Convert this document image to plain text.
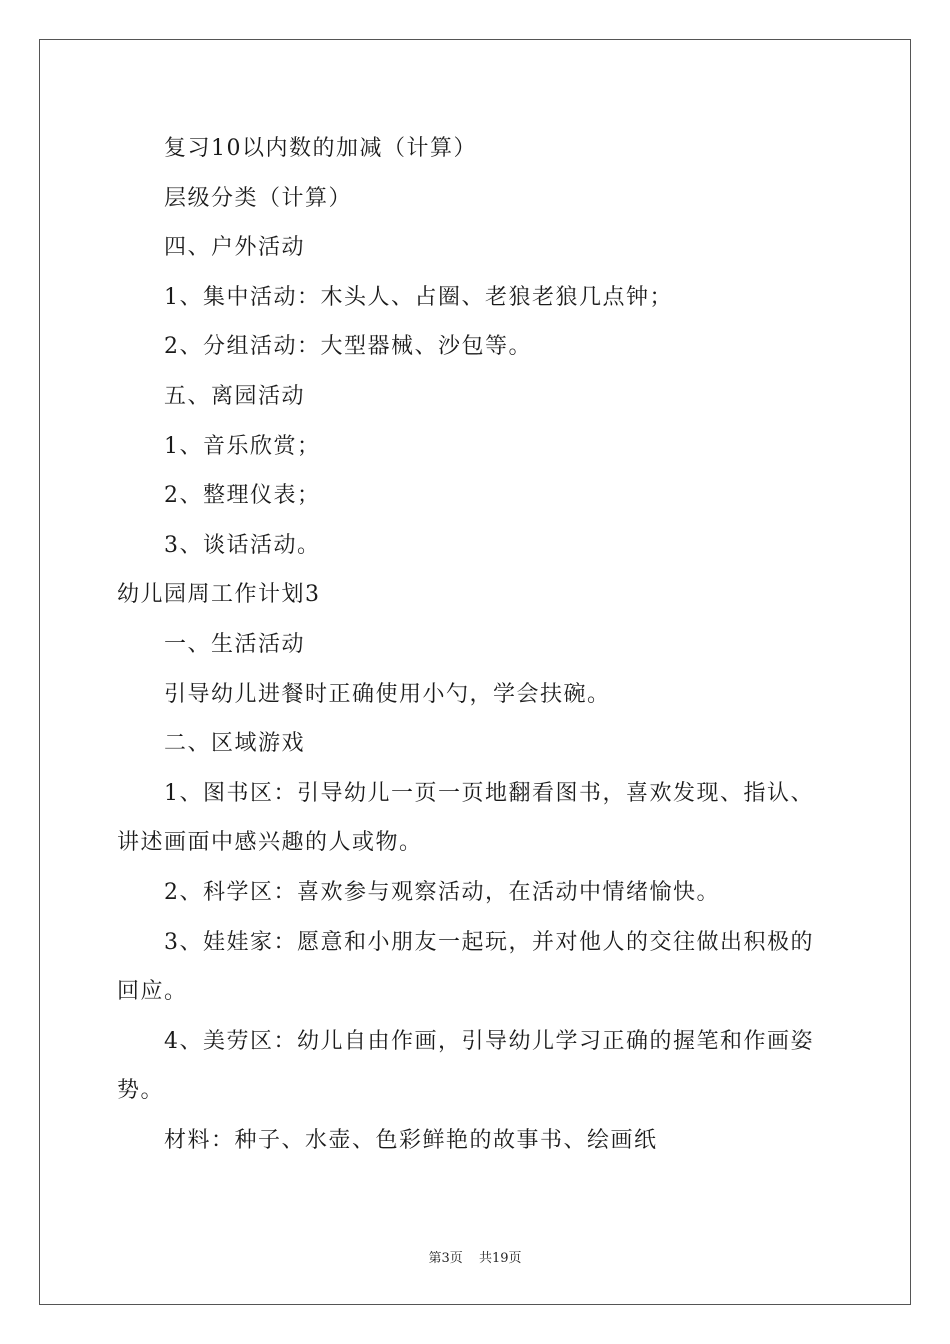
复习10以内数的加减（计算）
层级分类（计算）
四、户外活动
1、集中活动：木头人、占圈、老狼老狼几点钟；
2、分组活动：大型器械、沙包等。
五、离园活动
1、音乐欣赏；
2、整理仪表；
3、谈话活动。
幼儿园周工作计划3
一、生活活动
引导幼儿进餐时正确使用小勺，学会扶碗。
二、区域游戏
1、图书区：引导幼儿一页一页地翻看图书，喜欢发现、指认、
讲述画面中感兴趣的人或物。
2、科学区：喜欢参与观察活动，在活动中情绪愉快。
3、娃娃家：愿意和小朋友一起玩，并对他人的交往做出积极的
回应。
4、美劳区：幼儿自由作画，引导幼儿学习正确的握笔和作画姿
势。
材料：种子、水壶、色彩鲜艳的故事书、绘画纸
第3页 共19页
